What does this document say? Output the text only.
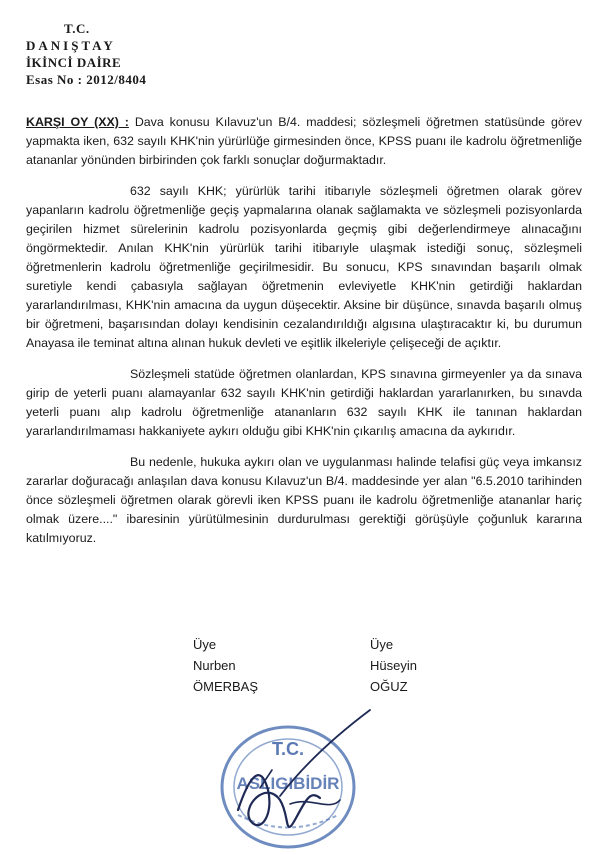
T.C.
DANIŞTAY
İKİNCİ DAİRE
Esas No : 2012/8404

KARŞI OY (XX) : Dava konusu Kılavuz'un B/4. maddesi; sözleşmeli öğretmen statüsünde görev yapmakta iken, 632 sayılı KHK'nin yürürlüğe girmesinden önce, KPSS puanı ile kadrolu öğretmenliğe atananlar yönünden birbirinden çok farklı sonuçlar doğurmaktadır.

632 sayılı KHK; yürürlük tarihi itibarıyle sözleşmeli öğretmen olarak görev yapanların kadrolu öğretmenliğe geçiş yapmalarına olanak sağlamakta ve sözleşmeli pozisyonlarda geçirilen hizmet sürelerinin kadrolu pozisyonlarda geçmiş gibi değerlendirmeye alınacağını öngörmektedir. Anılan KHK'nin yürürlük tarihi itibarıyle ulaşmak istediği sonuç, sözleşmeli öğretmenlerin kadrolu öğretmenliğe geçirilmesidir. Bu sonucu, KPS sınavından başarılı olmak suretiyle kendi çabasıyla sağlayan öğretmenin evleviyetle KHK'nin getirdiği haklardan yararlandırılması, KHK'nin amacına da uygun düşecektir. Aksine bir düşünce, sınavda başarılı olmuş bir öğretmeni, başarısından dolayı kendisinin cezalandırıldığı algısına ulaştıracaktır ki, bu durumun Anayasa ile teminat altına alınan hukuk devleti ve eşitlik ilkeleriyle çelişeceği de açıktır.

Sözleşmeli statüde öğretmen olanlardan, KPS sınavına girmeyenler ya da sınava girip de yeterli puanı alamayanlar 632 sayılı KHK'nin getirdiği haklardan yararlanırken, bu sınavda yeterli puanı alıp kadrolu öğretmenliğe atananların 632 sayılı KHK ile tanınan haklardan yararlandırılmaması hakkaniyete aykırı olduğu gibi KHK'nin çıkarılış amacına da aykırıdır.

Bu nedenle, hukuka aykırı olan ve uygulanması halinde telafisi güç veya imkansız zararlar doğuracağı anlaşılan dava konusu Kılavuz'un B/4. maddesinde yer alan "6.5.2010 tarihinden önce sözleşmeli öğretmen olarak görevli iken KPSS puanı ile kadrolu öğretmenliğe atananlar hariç olmak üzere...." ibaresinin yürütülmesinin durdurulması gerektiği görüşüyle çoğunluk kararına katılmıyoruz.

Üye
Nurben
ÖMERBAŞ
Üye
Hüseyin
OĞUZ
T.C.
ASLIGIBİDİR
